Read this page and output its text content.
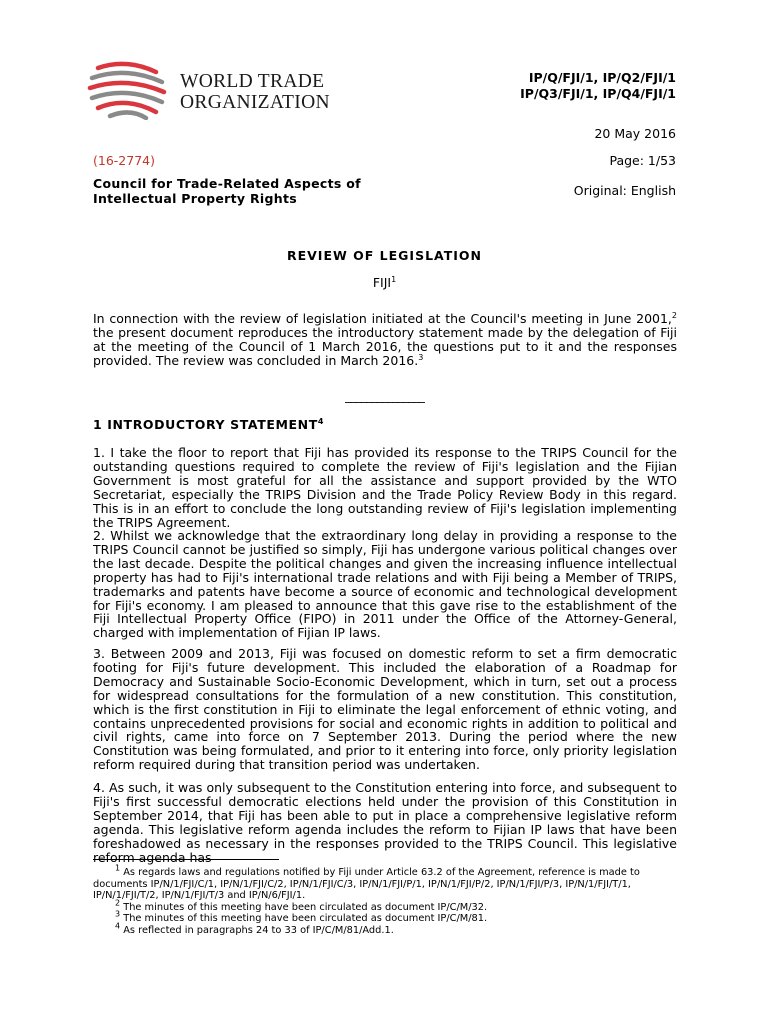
WORLD TRADE
ORGANIZATION
IP/Q/FJI/1, IP/Q2/FJI/1
IP/Q3/FJI/1, IP/Q4/FJI/1
20 May 2016
(16-2774)	Page: 1/53
Council for Trade-Related Aspects of
Intellectual Property Rights
Original: English
REVIEW OF LEGISLATION
FIJI$^1$
In connection with the review of legislation initiated at the Council's meeting in June 2001,$^2$ the present document reproduces the introductory statement made by the delegation of Fiji at the meeting of the Council of 1 March 2016, the questions put to it and the responses provided. The review was concluded in March 2016.$^3$
_______________
1 INTRODUCTORY STATEMENT$^4$
1. I take the floor to report that Fiji has provided its response to the TRIPS Council for the outstanding questions required to complete the review of Fiji's legislation and the Fijian Government is most grateful for all the assistance and support provided by the WTO Secretariat, especially the TRIPS Division and the Trade Policy Review Body in this regard. This is in an effort to conclude the long outstanding review of Fiji's legislation implementing the TRIPS Agreement.
2. Whilst we acknowledge that the extraordinary long delay in providing a response to the TRIPS Council cannot be justified so simply, Fiji has undergone various political changes over the last decade. Despite the political changes and given the increasing influence intellectual property has had to Fiji's international trade relations and with Fiji being a Member of TRIPS, trademarks and patents have become a source of economic and technological development for Fiji's economy. I am pleased to announce that this gave rise to the establishment of the Fiji Intellectual Property Office (FIPO) in 2011 under the Office of the Attorney-General, charged with implementation of Fijian IP laws.
3. Between 2009 and 2013, Fiji was focused on domestic reform to set a firm democratic footing for Fiji's future development. This included the elaboration of a Roadmap for Democracy and Sustainable Socio-Economic Development, which in turn, set out a process for widespread consultations for the formulation of a new constitution. This constitution, which is the first constitution in Fiji to eliminate the legal enforcement of ethnic voting, and contains unprecedented provisions for social and economic rights in addition to political and civil rights, came into force on 7 September 2013. During the period where the new Constitution was being formulated, and prior to it entering into force, only priority legislation reform required during that transition period was undertaken.
4. As such, it was only subsequent to the Constitution entering into force, and subsequent to Fiji's first successful democratic elections held under the provision of this Constitution in September 2014, that Fiji has been able to put in place a comprehensive legislative reform agenda. This legislative reform agenda includes the reform to Fijian IP laws that have been foreshadowed as necessary in the responses provided to the TRIPS Council. This legislative reform agenda has
$^1$ As regards laws and regulations notified by Fiji under Article 63.2 of the Agreement, reference is made to documents IP/N/1/FJI/C/1, IP/N/1/FJI/C/2, IP/N/1/FJI/C/3, IP/N/1/FJI/P/1, IP/N/1/FJI/P/2, IP/N/1/FJI/P/3, IP/N/1/FJI/T/1, IP/N/1/FJI/T/2, IP/N/1/FJI/T/3 and IP/N/6/FJI/1.
$^2$ The minutes of this meeting have been circulated as document IP/C/M/32.
$^3$ The minutes of this meeting have been circulated as document IP/C/M/81.
$^4$ As reflected in paragraphs 24 to 33 of IP/C/M/81/Add.1.
